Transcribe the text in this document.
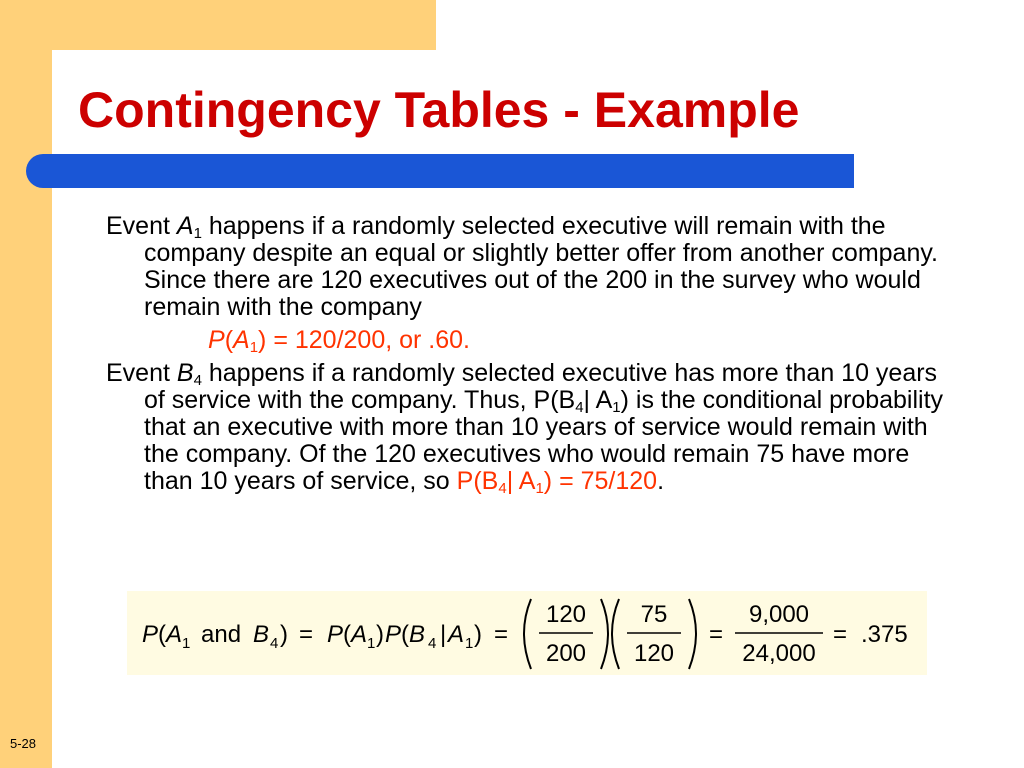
Contingency Tables - Example

Event $A_1$ happens if a randomly selected executive will remain with the company despite an equal or slightly better offer from another company. Since there are 120 executives out of the 200 in the survey who would remain with the company

$P(A_1) = 120/200$, or .60.

Event $B_4$ happens if a randomly selected executive has more than 10 years of service with the company. Thus, $P(B_4|$ $A_1$) is the conditional probability that an executive with more than 10 years of service would remain with the company. Of the 120 executives who would remain 75 have more than 10 years of service, so $P(B_4|$ $A_1) = 75/120$.

P(A 1 and B 4 ) = P(A 1 ) P(B 4 | A 1 ) =
120
200
75
120
=
9,000
24,000
= .375
5-28
